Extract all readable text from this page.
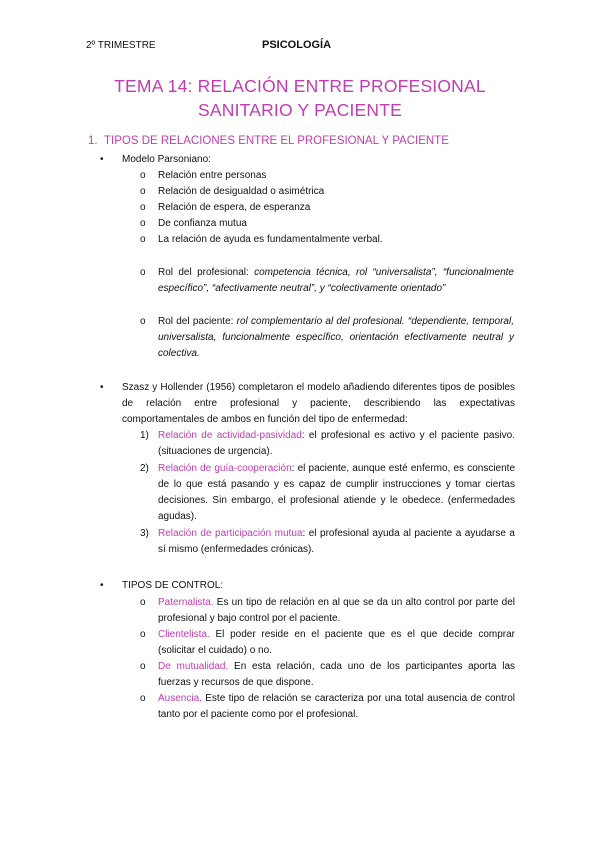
2º TRIMESTRE	PSICOLOGÍA
TEMA 14: RELACIÓN ENTRE PROFESIONAL
SANITARIO Y PACIENTE
1. TIPOS DE RELACIONES ENTRE EL PROFESIONAL Y PACIENTE
• Modelo Parsoniano:
o Relación entre personas
o Relación de desigualdad o asimétrica
o Relación de espera, de esperanza
o De confianza mutua
o La relación de ayuda es fundamentalmente verbal.
o Rol del profesional: competencia técnica, rol “universalista”, “funcionalmente específico”, “afectivamente neutral”, y “colectivamente orientado”
o Rol del paciente: rol complementario al del profesional. “dependiente, temporal, universalista, funcionalmente específico, orientación efectivamente neutral y colectiva.
• Szasz y Hollender (1956) completaron el modelo añadiendo diferentes tipos de posibles de relación entre profesional y paciente, describiendo las expectativas comportamentales de ambos en función del tipo de enfermedad:
1) Relación de actividad-pasividad: el profesional es activo y el paciente pasivo. (situaciones de urgencia).
2) Relación de guía-cooperación: el paciente, aunque esté enfermo, es consciente de lo que está pasando y es capaz de cumplir instrucciones y tomar ciertas decisiones. Sin embargo, el profesional atiende y le obedece. (enfermedades agudas).
3) Relación de participación mutua: el profesional ayuda al paciente a ayudarse a sí mismo (enfermedades crónicas).
• TIPOS DE CONTROL:
o Paternalista. Es un tipo de relación en al que se da un alto control por parte del profesional y bajo control por el paciente.
o Clientelista. El poder reside en el paciente que es el que decide comprar (solicitar el cuidado) o no.
o De mutualidad. En esta relación, cada uno de los participantes aporta las fuerzas y recursos de que dispone.
o Ausencia. Este tipo de relación se caracteriza por una total ausencia de control tanto por el paciente como por el profesional.
